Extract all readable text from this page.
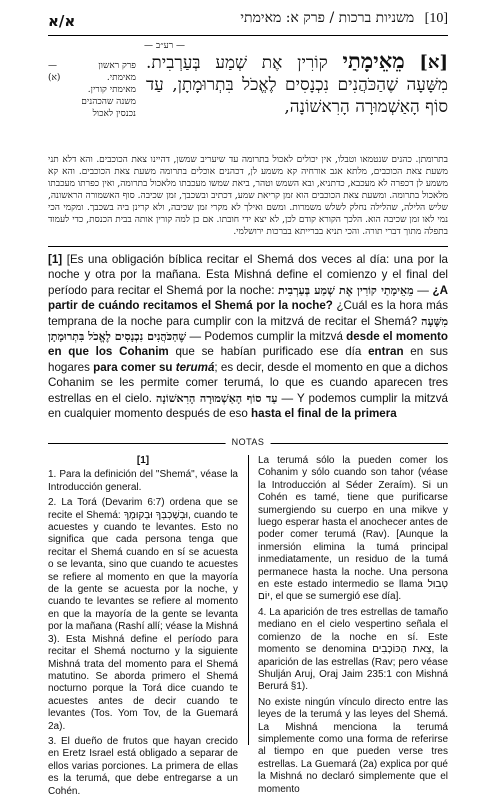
א/א	[10] משניות ברכות / פרק א: מאימתי
— רע״ב —
פרק ראשון
—
מאימתי.
(א)
מאימתי קורין.
משנה שהכהנים
נכנסין לאכול
[א] מֵאֵימָתַי קוֹרִין אֶת שְׁמַע בְּעַרְבִית. מִשָּׁעָה שֶׁהַכֹּהֲנִים נִכְנָסִים לֶאֱכֹל בִּתְרוּמָתָן, עַד סוֹף הָאַשְׁמוּרָה הָרִאשׁוֹנָה,
בתרומתן. כהנים שנטמאו וטבלו, אין יכולים לאכול בתרומה עד שיעריב שמשן, דהיינו צאת הכוכבים. והא דלא תני משעת צאת הכוכבים, מלתא אגב אורחיה קא משמע לן, דכהנים אוכלים בתרומה משעת צאת הכוכבים. והא קא משמע לן דכפרה לא מעכבא, כדתניא, ובא השמש וטהר, ביאת שמשו מעכבתו מלאכול בתרומה, ואין כפרתו מעכבתו מלאכול בתרומה. ומשעת צאת הכוכבים הוא זמן קריאת שמע, דכתיב ובשכבך, זמן שכיבה. סוף האשמורה הראשונה, שליש הלילה, שהלילה נחלק לשלש משמרות. ומשם ואילך לא מקרי זמן שכיבה, ולא קרינן ביה בשכבך. ומקמי הכי נמי לאו זמן שכיבה הוא. הלכך הקורא קודם לכן, לא יצא ידי חובתו. אם כן למה קורין אותה בבית הכנסת, כדי לעמוד בתפלה מתוך דברי תורה. והכי תניא בברייתא בברכות ירושלמי.
[1] [Es una obligación bíblica recitar el Shemá dos veces al día: una por la noche y otra por la mañana. Esta Mishná define el comienzo y el final del período para recitar el Shemá por la noche: מֵאֵימָתַי קוֹרִין אֶת שְׁמַע בְּעַרְבִית — ¿A partir de cuándo recitamos el Shemá por la noche? ¿Cuál es la hora más temprana de la noche para cumplir con la mitzvá de recitar el Shemá? מִשָּׁעָה שֶׁהַכֹּהֲנִים נִכְנָסִים לֶאֱכֹל בִּתְרוּמָתָן — Podemos cumplir la mitzvá desde el momento en que los Cohanim que se habían purificado ese día entran en sus hogares para comer su terumá; es decir, desde el momento en que a dichos Cohanim se les permite comer terumá, lo que es cuando aparecen tres estrellas en el cielo. עַד סוֹף הָאַשְׁמוּרָה הָרִאשׁוֹנָה — Y podemos cumplir la mitzvá en cualquier momento después de eso hasta el final de la primera
NOTAS
[1]

1. Para la definición del "Shemá", véase la Introducción general.

2. La Torá (Devarim 6:7) ordena que se recite el Shemá: וּבְשָׁכְבְּךָ וּבְקוּמֶךָ, cuando te acuestes y cuando te levantes. Esto no significa que cada persona tenga que recitar el Shemá cuando en sí se acuesta o se levanta, sino que cuando te acuestes se refiere al momento en que la mayoría de la gente se acuesta por la noche, y cuando te levantes se refiere al momento en que la mayoría de la gente se levanta por la mañana (Rashí allí; véase la Mishná 3). Esta Mishná define el período para recitar el Shemá nocturno y la siguiente Mishná trata del momento para el Shemá matutino. Se aborda primero el Shemá nocturno porque la Torá dice cuando te acuestes antes de decir cuando te levantes (Tos. Yom Tov, de la Guemará 2a).

3. El dueño de frutos que hayan crecido en Eretz Israel está obligado a separar de ellos varias porciones. La primera de ellas es la terumá, que debe entregarse a un Cohén.

La terumá sólo la pueden comer los Cohanim y sólo cuando son tahor (véase la Introducción al Séder Zeraím). Si un Cohén es tamé, tiene que purificarse sumergiendo su cuerpo en una mikve y luego esperar hasta el anochecer antes de poder comer terumá (Rav). [Aunque la inmersión elimina la tumá principal inmediatamente, un residuo de la tumá permanece hasta la noche. Una persona en este estado intermedio se llama טְבוּל יוֹם, el que se sumergió ese día].

4. La aparición de tres estrellas de tamaño mediano en el cielo vespertino señala el comienzo de la noche en sí. Este momento se denomina צֵאת הַכּוֹכָבִים, la aparición de las estrellas (Rav; pero véase Shulján Aruj, Oraj Jaim 235:1 con Mishná Berurá §1).

No existe ningún vínculo directo entre las leyes de la terumá y las leyes del Shemá. La Mishná menciona la terumá simplemente como una forma de referirse al tiempo en que pueden verse tres estrellas. La Guemará (2a) explica por qué la Mishná no declaró simplemente que el momento
